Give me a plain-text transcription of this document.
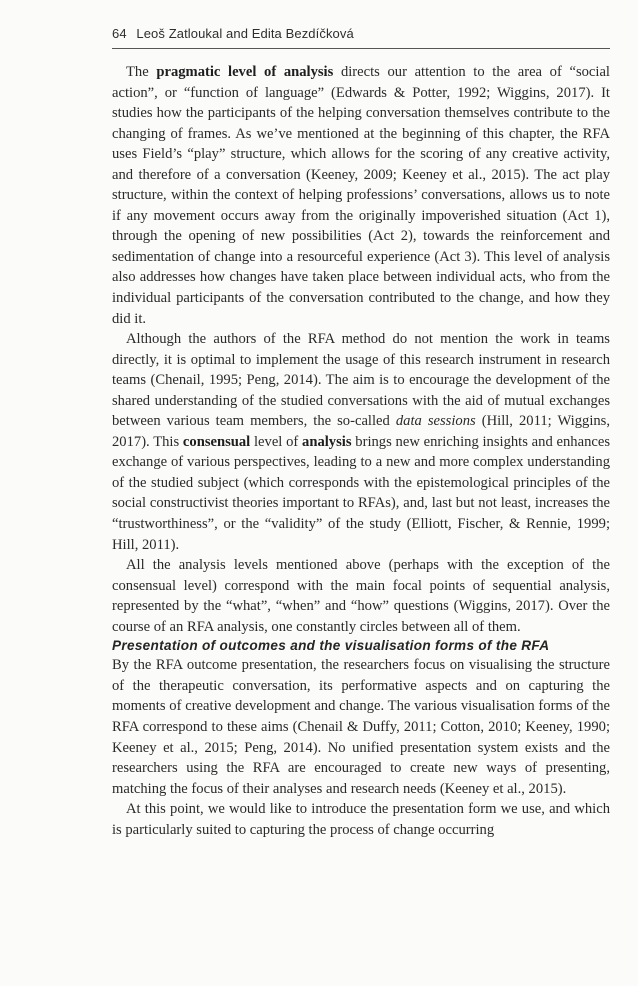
64 Leoš Zatloukal and Edita Bezdíčková

The pragmatic level of analysis directs our attention to the area of “social action”, or “function of language” (Edwards & Potter, 1992; Wiggins, 2017). It studies how the participants of the helping conversation themselves contribute to the changing of frames. As we’ve mentioned at the beginning of this chapter, the RFA uses Field’s “play” structure, which allows for the scoring of any creative activity, and therefore of a conversation (Keeney, 2009; Keeney et al., 2015). The act play structure, within the context of helping professions’ conversations, allows us to note if any movement occurs away from the originally impoverished situation (Act 1), through the opening of new possibilities (Act 2), towards the reinforcement and sedimentation of change into a resourceful experience (Act 3). This level of analysis also addresses how changes have taken place between individual acts, who from the individual participants of the conversation contributed to the change, and how they did it.

Although the authors of the RFA method do not mention the work in teams directly, it is optimal to implement the usage of this research instrument in research teams (Chenail, 1995; Peng, 2014). The aim is to encourage the development of the shared understanding of the studied conversations with the aid of mutual exchanges between various team members, the so-called data sessions (Hill, 2011; Wiggins, 2017). This consensual level of analysis brings new enriching insights and enhances exchange of various perspectives, leading to a new and more complex understanding of the studied subject (which corresponds with the epistemological principles of the social constructivist theories important to RFAs), and, last but not least, increases the “trustworthiness”, or the “validity” of the study (Elliott, Fischer, & Rennie, 1999; Hill, 2011).

All the analysis levels mentioned above (perhaps with the exception of the consensual level) correspond with the main focal points of sequential analysis, represented by the “what”, “when” and “how” questions (Wiggins, 2017). Over the course of an RFA analysis, one constantly circles between all of them.

Presentation of outcomes and the visualisation forms of the RFA

By the RFA outcome presentation, the researchers focus on visualising the structure of the therapeutic conversation, its performative aspects and on capturing the moments of creative development and change. The various visualisation forms of the RFA correspond to these aims (Chenail & Duffy, 2011; Cotton, 2010; Keeney, 1990; Keeney et al., 2015; Peng, 2014). No unified presentation system exists and the researchers using the RFA are encouraged to create new ways of presenting, matching the focus of their analyses and research needs (Keeney et al., 2015).

At this point, we would like to introduce the presentation form we use, and which is particularly suited to capturing the process of change occurring
